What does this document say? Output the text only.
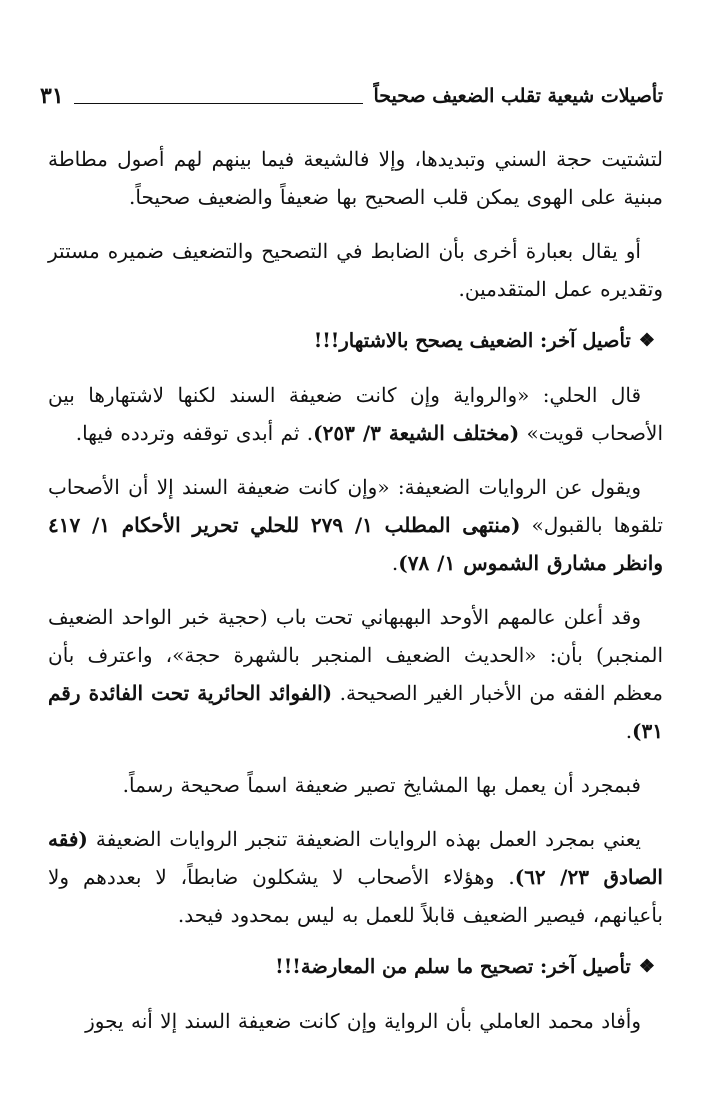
تأصيلات شيعية تقلب الضعيف صحيحاً
٣١

لتشتيت حجة السني وتبديدها، وإلا فالشيعة فيما بينهم لهم أصول مطاطة مبنية على الهوى يمكن قلب الصحيح بها ضعيفاً والضعيف صحيحاً.

أو يقال بعبارة أخرى بأن الضابط في التصحيح والتضعيف ضميره مستتر وتقديره عمل المتقدمين.

❖
تأصيل آخر: الضعيف يصحح بالاشتهار!!!

قال الحلي: «والرواية وإن كانت ضعيفة السند لكنها لاشتهارها بين الأصحاب قويت» (مختلف الشيعة ٣/ ٢٥٣). ثم أبدى توقفه وتردده فيها.

ويقول عن الروايات الضعيفة: «وإن كانت ضعيفة السند إلا أن الأصحاب تلقوها بالقبول» (منتهى المطلب ١/ ٢٧٩ للحلي تحرير الأحكام ١/ ٤١٧ وانظر مشارق الشموس ١/ ٧٨).

وقد أعلن عالمهم الأوحد البهبهاني تحت باب (حجية خبر الواحد الضعيف المنجبر) بأن: «الحديث الضعيف المنجبر بالشهرة حجة»، واعترف بأن معظم الفقه من الأخبار الغير الصحيحة. (الفوائد الحائرية تحت الفائدة رقم ٣١).

فبمجرد أن يعمل بها المشايخ تصير ضعيفة اسماً صحيحة رسماً.

يعني بمجرد العمل بهذه الروايات الضعيفة تنجبر الروايات الضعيفة (فقه الصادق ٢٣/ ٦٢). وهؤلاء الأصحاب لا يشكلون ضابطاً، لا بعددهم ولا بأعيانهم، فيصير الضعيف قابلاً للعمل به ليس بمحدود فيحد.

❖
تأصيل آخر: تصحيح ما سلم من المعارضة!!!

وأفاد محمد العاملي بأن الرواية وإن كانت ضعيفة السند إلا أنه يجوز
